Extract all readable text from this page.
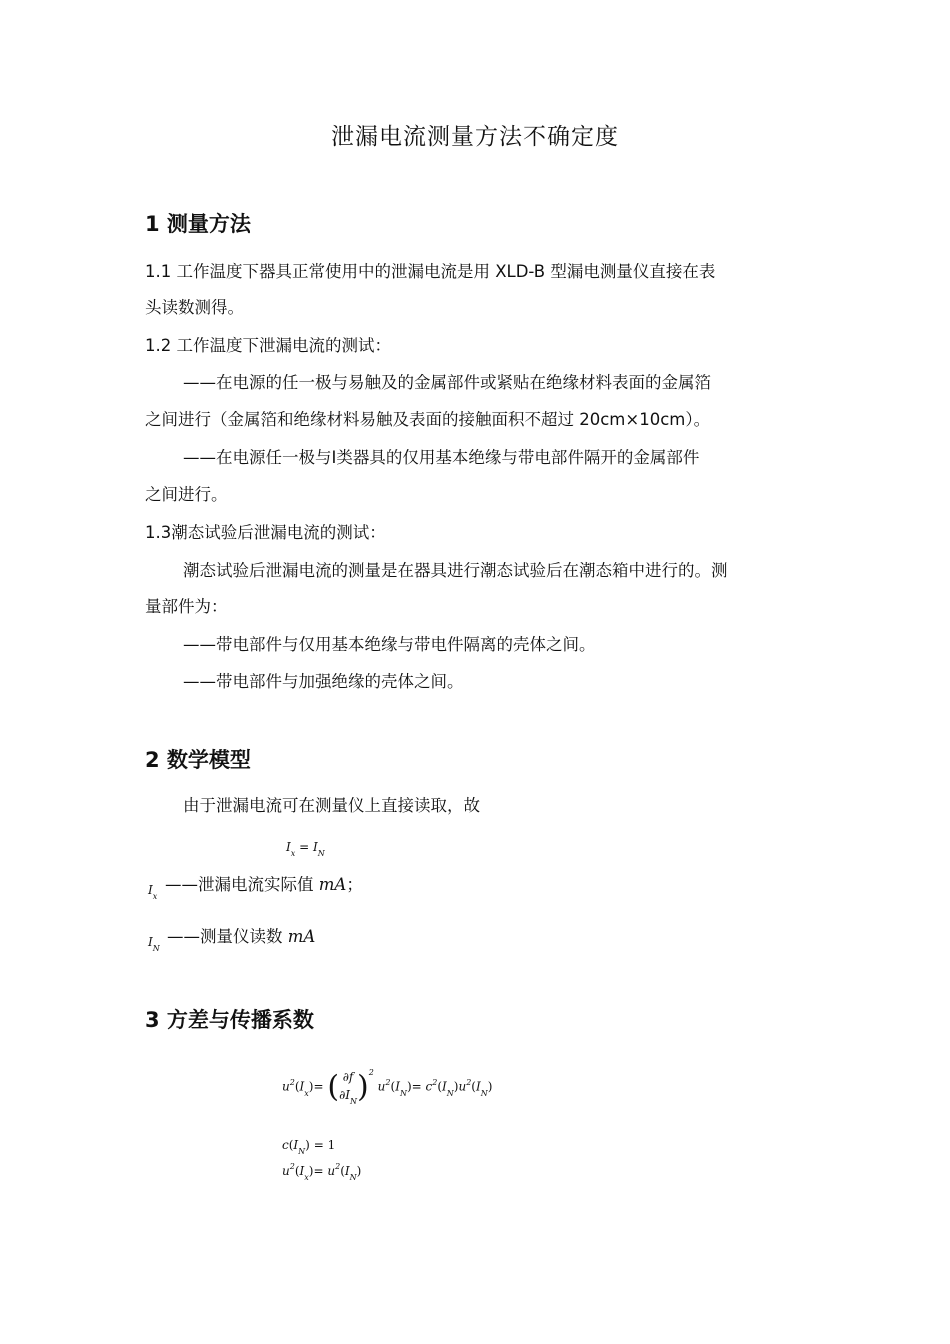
泄漏电流测量方法不确定度
1 测量方法
1.1 工作温度下器具正常使用中的泄漏电流是用 XLD-B 型漏电测量仪直接在表
头读数测得。
1.2 工作温度下泄漏电流的测试：
——在电源的任一极与易触及的金属部件或紧贴在绝缘材料表面的金属箔
之间进行（金属箔和绝缘材料易触及表面的接触面积不超过 20cm×10cm）。
——在电源任一极与Ⅰ类器具的仅用基本绝缘与带电部件隔开的金属部件
之间进行。
1.3潮态试验后泄漏电流的测试：
潮态试验后泄漏电流的测量是在器具进行潮态试验后在潮态箱中进行的。测
量部件为：
——带电部件与仅用基本绝缘与带电件隔离的壳体之间。
——带电部件与加强绝缘的壳体之间。
2 数学模型
由于泄漏电流可在测量仪上直接读取，故
$I_x = I_N$
$I_x$
——泄漏电流实际值 mA；
$I_N$
——测量仪读数 mA
3 方差与传播系数
$u^2(I_x)=$ ( ∂f
$\partial I_N)^2$ $u^2(I_N)= c^2(I_N)u^2(I_N)$
$c(I_N) = 1$
$u^2(I_x)= u^2(I_N)$
